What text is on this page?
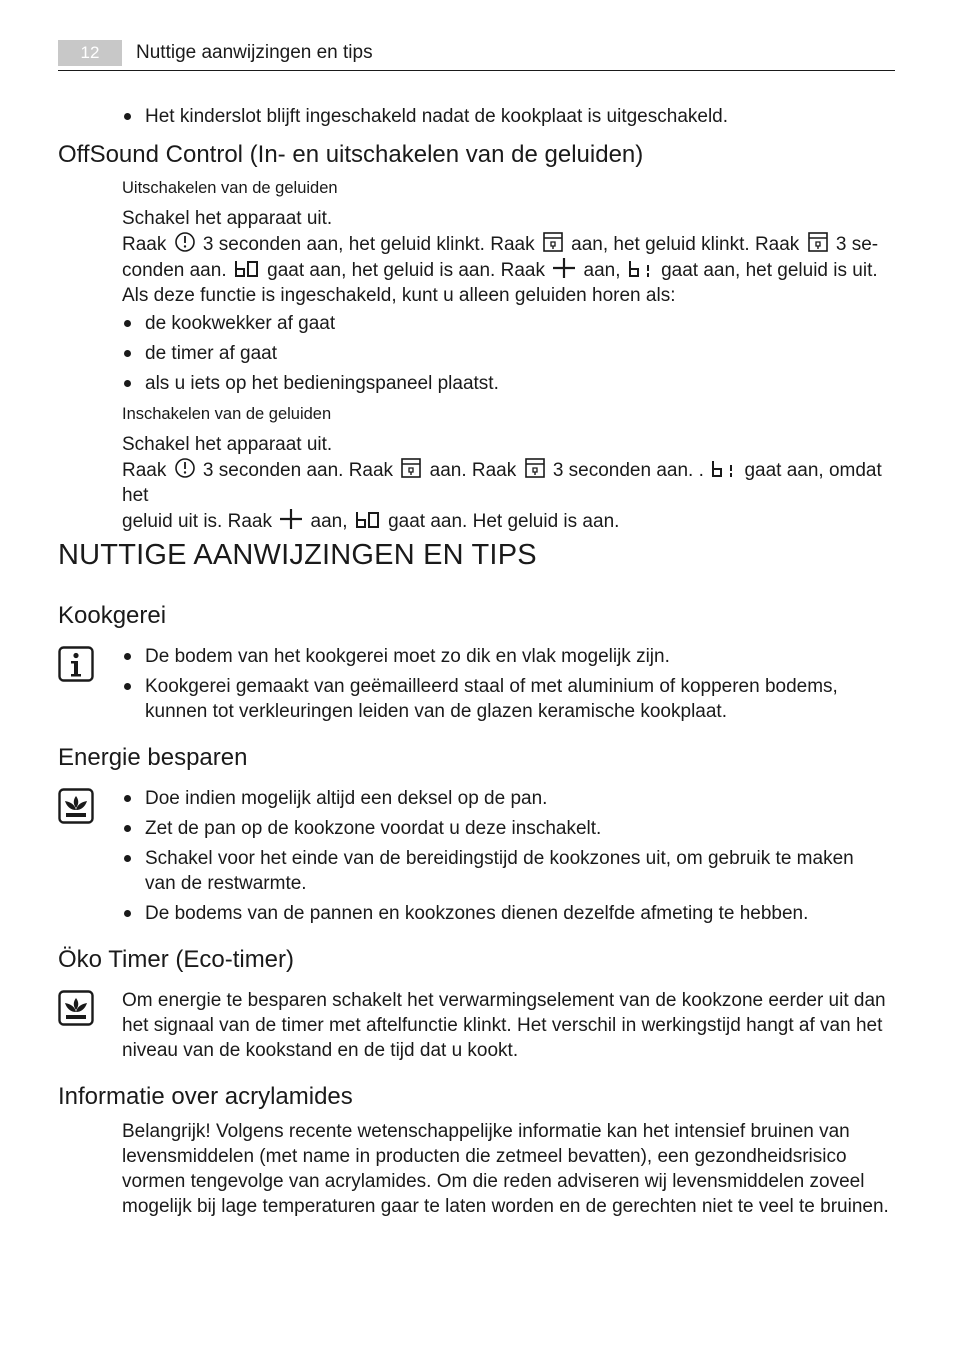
12	Nuttige aanwijzingen en tips
Het kinderslot blijft ingeschakeld nadat de kookplaat is uitgeschakeld.
OffSound Control (In- en uitschakelen van de geluiden)
Uitschakelen van de geluiden
Schakel het apparaat uit.
Raak 3 seconden aan, het geluid klinkt. Raak aan, het geluid klinkt. Raak 3 se-
conden aan. gaat aan, het geluid is aan. Raak aan, gaat aan, het geluid is uit.
Als deze functie is ingeschakeld, kunt u alleen geluiden horen als:
de kookwekker af gaat
de timer af gaat
als u iets op het bedieningspaneel plaatst.
Inschakelen van de geluiden
Schakel het apparaat uit.
Raak 3 seconden aan. Raak aan. Raak 3 seconden aan. . gaat aan, omdat het
geluid uit is. Raak aan, gaat aan. Het geluid is aan.
NUTTIGE AANWIJZINGEN EN TIPS
Kookgerei
De bodem van het kookgerei moet zo dik en vlak mogelijk zijn.
Kookgerei gemaakt van geëmailleerd staal of met aluminium of kopperen bodems, kunnen tot verkleuringen leiden van de glazen keramische kookplaat.
Energie besparen
Doe indien mogelijk altijd een deksel op de pan.
Zet de pan op de kookzone voordat u deze inschakelt.
Schakel voor het einde van de bereidingstijd de kookzones uit, om gebruik te maken van de restwarmte.
De bodems van de pannen en kookzones dienen dezelfde afmeting te hebben.
Öko Timer (Eco-timer)

Om energie te besparen schakelt het verwarmingselement van de kookzone eerder uit dan het signaal van de timer met aftelfunctie klinkt. Het verschil in werkingstijd hangt af van het niveau van de kookstand en de tijd dat u kookt.

Informatie over acrylamides

Belangrijk! Volgens recente wetenschappelijke informatie kan het intensief bruinen van levensmiddelen (met name in producten die zetmeel bevatten), een gezondheidsrisico vormen tengevolge van acrylamides. Om die reden adviseren wij levensmiddelen zoveel mogelijk bij lage temperaturen gaar te laten worden en de gerechten niet te veel te bruinen.
